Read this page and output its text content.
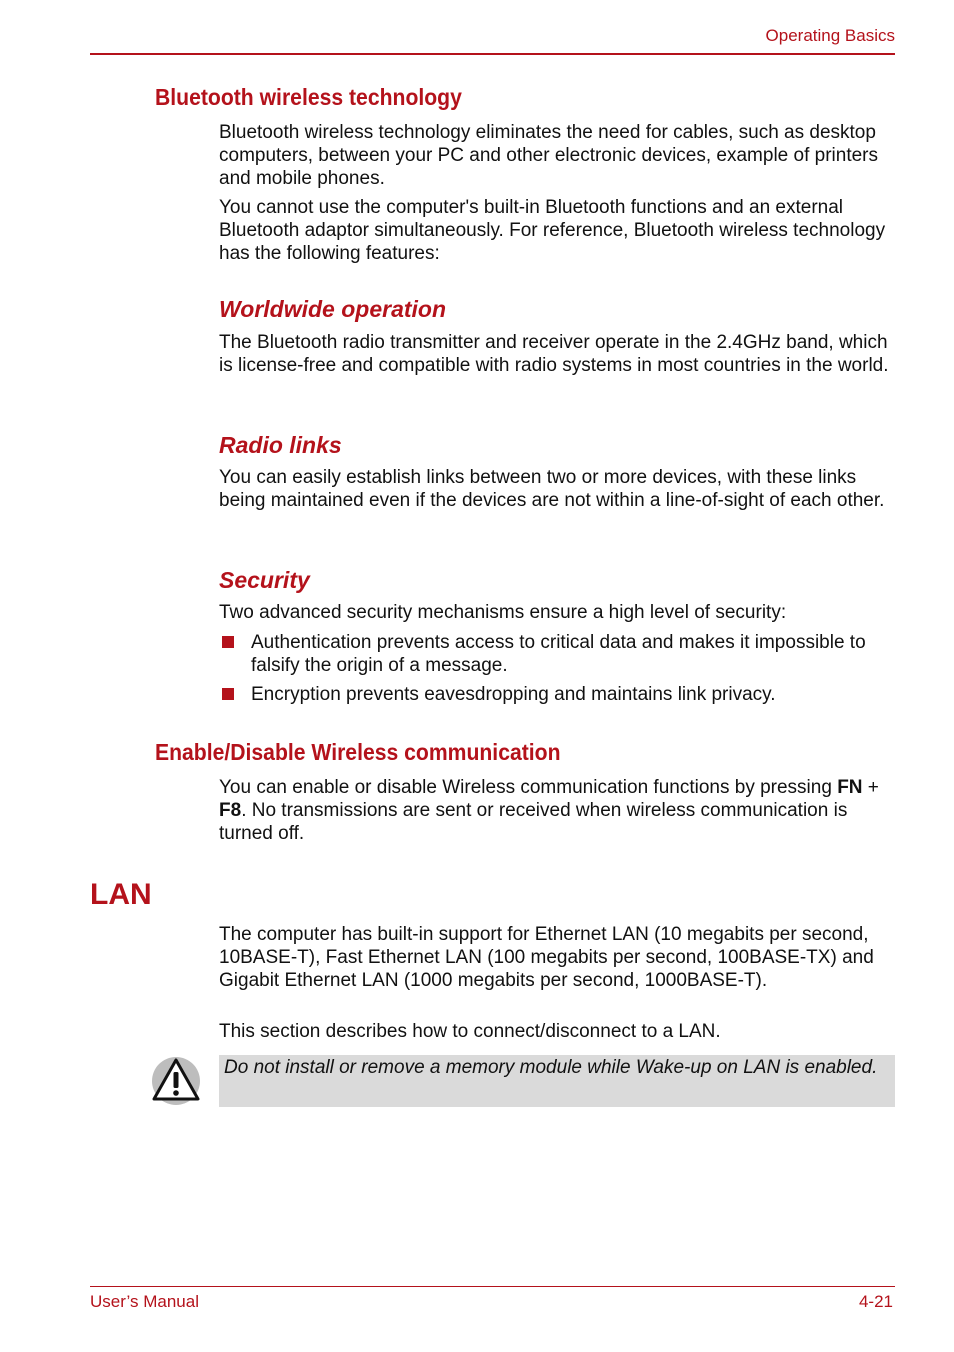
Operating Basics
Bluetooth wireless technology

Bluetooth wireless technology eliminates the need for cables, such as desktop computers, between your PC and other electronic devices, example of printers and mobile phones.

You cannot use the computer's built-in Bluetooth functions and an external Bluetooth adaptor simultaneously. For reference, Bluetooth wireless technology has the following features:

Worldwide operation

The Bluetooth radio transmitter and receiver operate in the 2.4GHz band, which is license-free and compatible with radio systems in most countries in the world.

Radio links

You can easily establish links between two or more devices, with these links being maintained even if the devices are not within a line-of-sight of each other.

Security

Two advanced security mechanisms ensure a high level of security:

Authentication prevents access to critical data and makes it impossible to falsify the origin of a message.
Encryption prevents eavesdropping and maintains link privacy.
Enable/Disable Wireless communication

You can enable or disable Wireless communication functions by pressing FN + F8. No transmissions are sent or received when wireless communication is turned off.

LAN

The computer has built-in support for Ethernet LAN (10 megabits per second, 10BASE-T), Fast Ethernet LAN (100 megabits per second, 100BASE-TX) and Gigabit Ethernet LAN (1000 megabits per second, 1000BASE-T).

This section describes how to connect/disconnect to a LAN.

Do not install or remove a memory module while Wake-up on LAN is enabled.
User’s Manual	4-21
